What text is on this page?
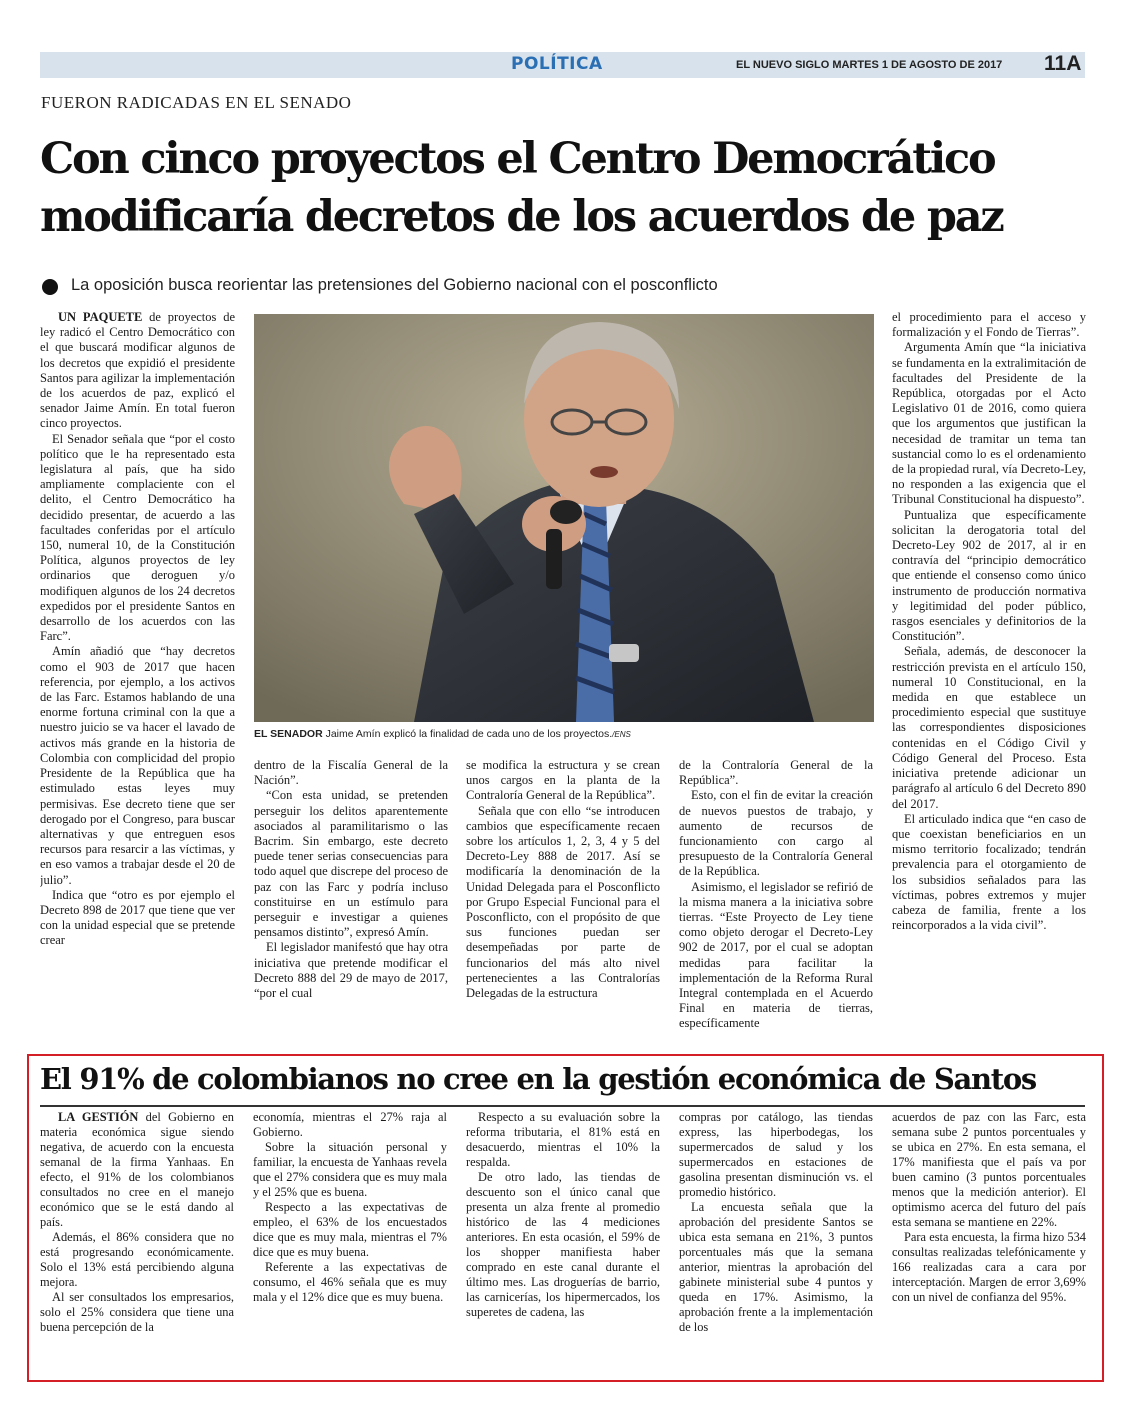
POLÍTICA	EL NUEVO SIGLO MARTES 1 DE AGOSTO DE 2017 11A
FUERON RADICADAS EN EL SENADO
Con cinco proyectos el Centro Democrático
modificaría decretos de los acuerdos de paz
La oposición busca reorientar las pretensiones del Gobierno nacional con el posconflicto

UN PAQUETE de proyectos de ley radicó el Centro Democrático con el que buscará modificar algunos de los decretos que expidió el presidente Santos para agilizar la implementación de los acuerdos de paz, explicó el senador Jaime Amín. En total fueron cinco proyectos.

El Senador señala que “por el costo político que le ha representado esta legislatura al país, que ha sido ampliamente complaciente con el delito, el Centro Democrático ha decidido presentar, de acuerdo a las facultades conferidas por el artículo 150, numeral 10, de la Constitución Política, algunos proyectos de ley ordinarios que deroguen y/o modifiquen algunos de los 24 decretos expedidos por el presidente Santos en desarrollo de los acuerdos con las Farc”.

Amín añadió que “hay decretos como el 903 de 2017 que hacen referencia, por ejemplo, a los activos de las Farc. Estamos hablando de una enorme fortuna criminal con la que a nuestro juicio se va hacer el lavado de activos más grande en la historia de Colombia con complicidad del propio Presidente de la República que ha estimulado estas leyes muy permisivas. Ese decreto tiene que ser derogado por el Congreso, para buscar alternativas y que entreguen esos recursos para resarcir a las víctimas, y en eso vamos a trabajar desde el 20 de julio”.

Indica que “otro es por ejemplo el Decreto 898 de 2017 que tiene que ver con la unidad especial que se pretende crear

EL SENADOR Jaime Amín explicó la finalidad de cada uno de los proyectos./ENS

dentro de la Fiscalía General de la Nación”.

“Con esta unidad, se pretenden perseguir los delitos aparentemente asociados al paramilitarismo o las Bacrim. Sin embargo, este decreto puede tener serias consecuencias para todo aquel que discrepe del proceso de paz con las Farc y podría incluso constituirse en un estímulo para perseguir e investigar a quienes pensamos distinto”, expresó Amín.

El legislador manifestó que hay otra iniciativa que pretende modificar el Decreto 888 del 29 de mayo de 2017, “por el cual

se modifica la estructura y se crean unos cargos en la planta de la Contraloría General de la República”.

Señala que con ello “se introducen cambios que específicamente recaen sobre los artículos 1, 2, 3, 4 y 5 del Decreto-Ley 888 de 2017. Así se modificaría la denominación de la Unidad Delegada para el Posconflicto por Grupo Especial Funcional para el Posconflicto, con el propósito de que sus funciones puedan ser desempeñadas por parte de funcionarios del más alto nivel pertenecientes a las Contralorías Delegadas de la estructura

de la Contraloría General de la República”.

Esto, con el fin de evitar la creación de nuevos puestos de trabajo, y aumento de recursos de funcionamiento con cargo al presupuesto de la Contraloría General de la República.

Asimismo, el legislador se refirió de la misma manera a la iniciativa sobre tierras. “Este Proyecto de Ley tiene como objeto derogar el Decreto-Ley 902 de 2017, por el cual se adoptan medidas para facilitar la implementación de la Reforma Rural Integral contemplada en el Acuerdo Final en materia de tierras, específicamente

el procedimiento para el acceso y formalización y el Fondo de Tierras”.

Argumenta Amín que “la iniciativa se fundamenta en la extralimitación de facultades del Presidente de la República, otorgadas por el Acto Legislativo 01 de 2016, como quiera que los argumentos que justifican la necesidad de tramitar un tema tan sustancial como lo es el ordenamiento de la propiedad rural, vía Decreto-Ley, no responden a las exigencia que el Tribunal Constitucional ha dispuesto”.

Puntualiza que específicamente solicitan la derogatoria total del Decreto-Ley 902 de 2017, al ir en contravía del “principio democrático que entiende el consenso como único instrumento de producción normativa y legitimidad del poder público, rasgos esenciales y definitorios de la Constitución”.

Señala, además, de desconocer la restricción prevista en el artículo 150, numeral 10 Constitucional, en la medida en que establece un procedimiento especial que sustituye las correspondientes disposiciones contenidas en el Código Civil y Código General del Proceso. Esta iniciativa pretende adicionar un parágrafo al artículo 6 del Decreto 890 del 2017.

El articulado indica que “en caso de que coexistan beneficiarios en un mismo territorio focalizado; tendrán prevalencia para el otorgamiento de los subsidios señalados para las víctimas, pobres extremos y mujer cabeza de familia, frente a los reincorporados a la vida civil”.

El 91% de colombianos no cree en la gestión económica de Santos

LA GESTIÓN del Gobierno en materia económica sigue siendo negativa, de acuerdo con la encuesta semanal de la firma Yanhaas. En efecto, el 91% de los colombianos consultados no cree en el manejo económico que se le está dando al país.

Además, el 86% considera que no está progresando económicamente. Solo el 13% está percibiendo alguna mejora.

Al ser consultados los empresarios, solo el 25% considera que tiene una buena percepción de la

economía, mientras el 27% raja al Gobierno.

Sobre la situación personal y familiar, la encuesta de Yanhaas revela que el 27% considera que es muy mala y el 25% que es buena.

Respecto a las expectativas de empleo, el 63% de los encuestados dice que es muy mala, mientras el 7% dice que es muy buena.

Referente a las expectativas de consumo, el 46% señala que es muy mala y el 12% dice que es muy buena.

Respecto a su evaluación sobre la reforma tributaria, el 81% está en desacuerdo, mientras el 10% la respalda.

De otro lado, las tiendas de descuento son el único canal que presenta un alza frente al promedio histórico de las 4 mediciones anteriores. En esta ocasión, el 59% de los shopper manifiesta haber comprado en este canal durante el último mes. Las droguerías de barrio, las carnicerías, los hipermercados, los superetes de cadena, las

compras por catálogo, las tiendas express, las hiperbodegas, los supermercados de salud y los supermercados en estaciones de gasolina presentan disminución vs. el promedio histórico.

La encuesta señala que la aprobación del presidente Santos se ubica esta semana en 21%, 3 puntos porcentuales más que la semana anterior, mientras la aprobación del gabinete ministerial sube 4 puntos y queda en 17%. Asimismo, la aprobación frente a la implementación de los

acuerdos de paz con las Farc, esta semana sube 2 puntos porcentuales y se ubica en 27%. En esta semana, el 17% manifiesta que el país va por buen camino (3 puntos porcentuales menos que la medición anterior). El optimismo acerca del futuro del país esta semana se mantiene en 22%.

Para esta encuesta, la firma hizo 534 consultas realizadas telefónicamente y 166 realizadas cara a cara por interceptación. Margen de error 3,69% con un nivel de confianza del 95%.
